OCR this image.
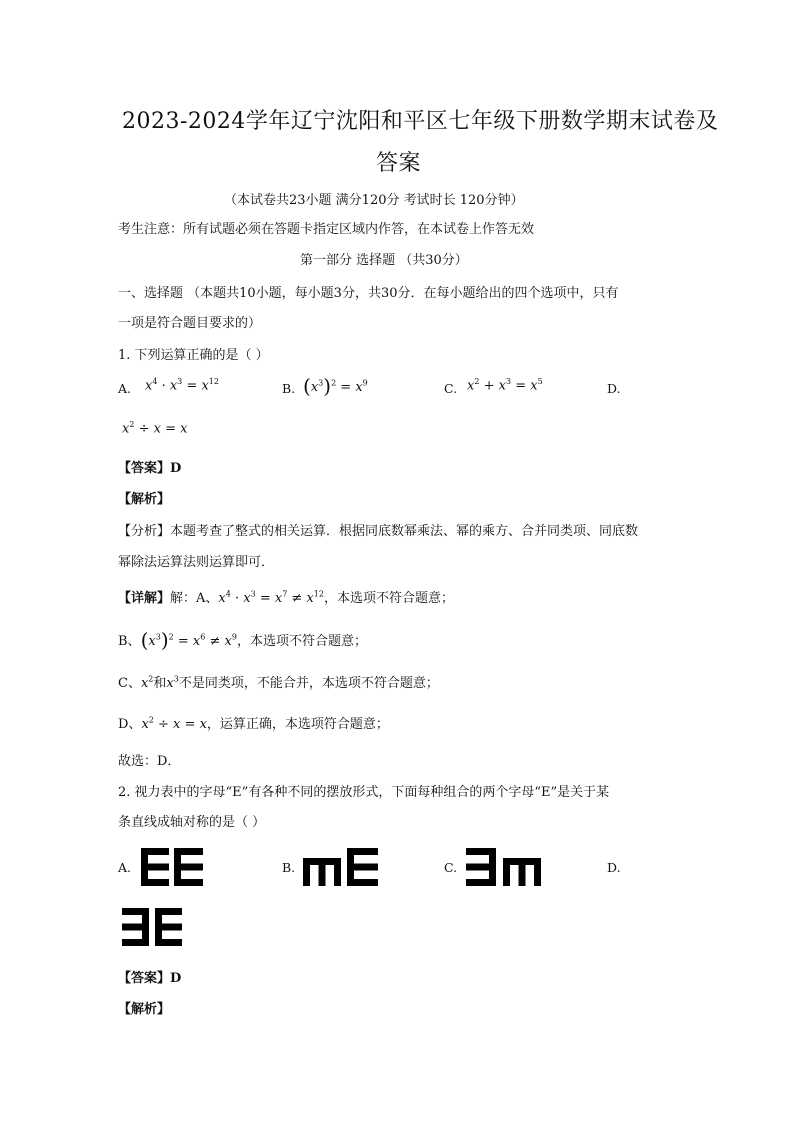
2023-2024学年辽宁沈阳和平区七年级下册数学期末试卷及
答案
（本试卷共23小题 满分120分 考试时长 120分钟）
考生注意：所有试题必须在答题卡指定区域内作答，在本试卷上作答无效
第一部分 选择题 （共30分）
一、选择题 （本题共10小题，每小题3分，共30分．在每小题给出的四个选项中，只有
一项是符合题目要求的）
1. 下列运算正确的是（ ）
A. $x^4 \cdot x^3 = x^{12}$	B. $(x^3)^2 = x^9$	C. $x^2 + x^3 = x^5$	D.
$x^2 \div x = x$
【答案】D
【解析】
【分析】本题考查了整式的相关运算．根据同底数幂乘法、幂的乘方、合并同类项、同底数
幂除法运算法则运算即可．
【详解】解：A、$x^4 \cdot x^3 = x^7 \ne x^{12}$，本选项不符合题意；
B、$(x^3)^2 = x^6 \ne x^9$，本选项不符合题意；
C、$x^2$和$x^3$不是同类项，不能合并，本选项不符合题意；
D、$x^2 \div x = x$，运算正确，本选项符合题意；
故选：D．
2. 视力表中的字母“E”有各种不同的摆放形式，下面每种组合的两个字母“E”是关于某
条直线成轴对称的是（ ）
A.	B.	C.	D.
【答案】D
【解析】
